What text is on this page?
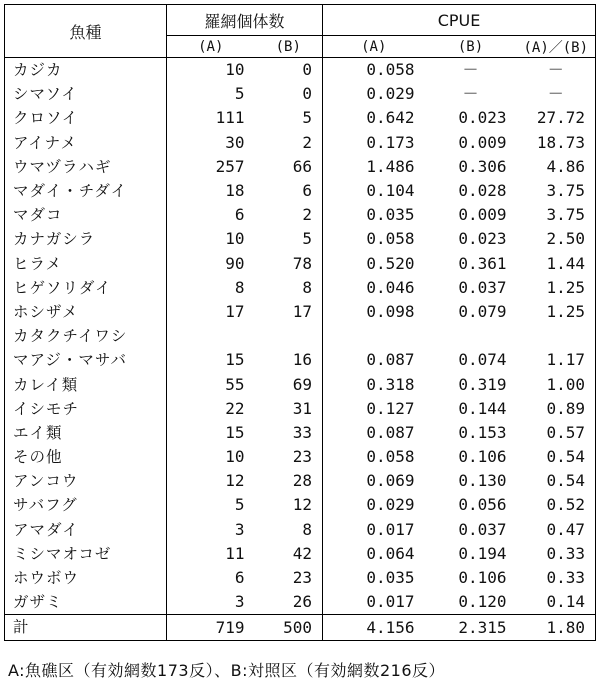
魚種	羅網個体数		CPUE		
	(A)	(B)	(A)	(B)	(A)／(B)
カジカ	10	0	0.058	－	－
シマソイ	5	0	0.029	－	－
クロソイ	111	5	0.642	0.023	27.72
アイナメ	30	2	0.173	0.009	18.73
ウマヅラハギ	257	66	1.486	0.306	4.86
マダイ・チダイ	18	6	0.104	0.028	3.75
マダコ	6	2	0.035	0.009	3.75
カナガシラ	10	5	0.058	0.023	2.50
ヒラメ	90	78	0.520	0.361	1.44
ヒゲソリダイ	8	8	0.046	0.037	1.25
ホシザメ	17	17	0.098	0.079	1.25
カタクチイワシ					
マアジ・マサバ	15	16	0.087	0.074	1.17
カレイ類	55	69	0.318	0.319	1.00
イシモチ	22	31	0.127	0.144	0.89
エイ類	15	33	0.087	0.153	0.57
その他	10	23	0.058	0.106	0.54
アンコウ	12	28	0.069	0.130	0.54
サバフグ	5	12	0.029	0.056	0.52
アマダイ	3	8	0.017	0.037	0.47
ミシマオコゼ	11	42	0.064	0.194	0.33
ホウボウ	6	23	0.035	0.106	0.33
ガザミ	3	26	0.017	0.120	0.14
計	719	500	4.156	2.315	1.80
A:魚礁区（有効網数173反）、B:対照区（有効網数216反）
